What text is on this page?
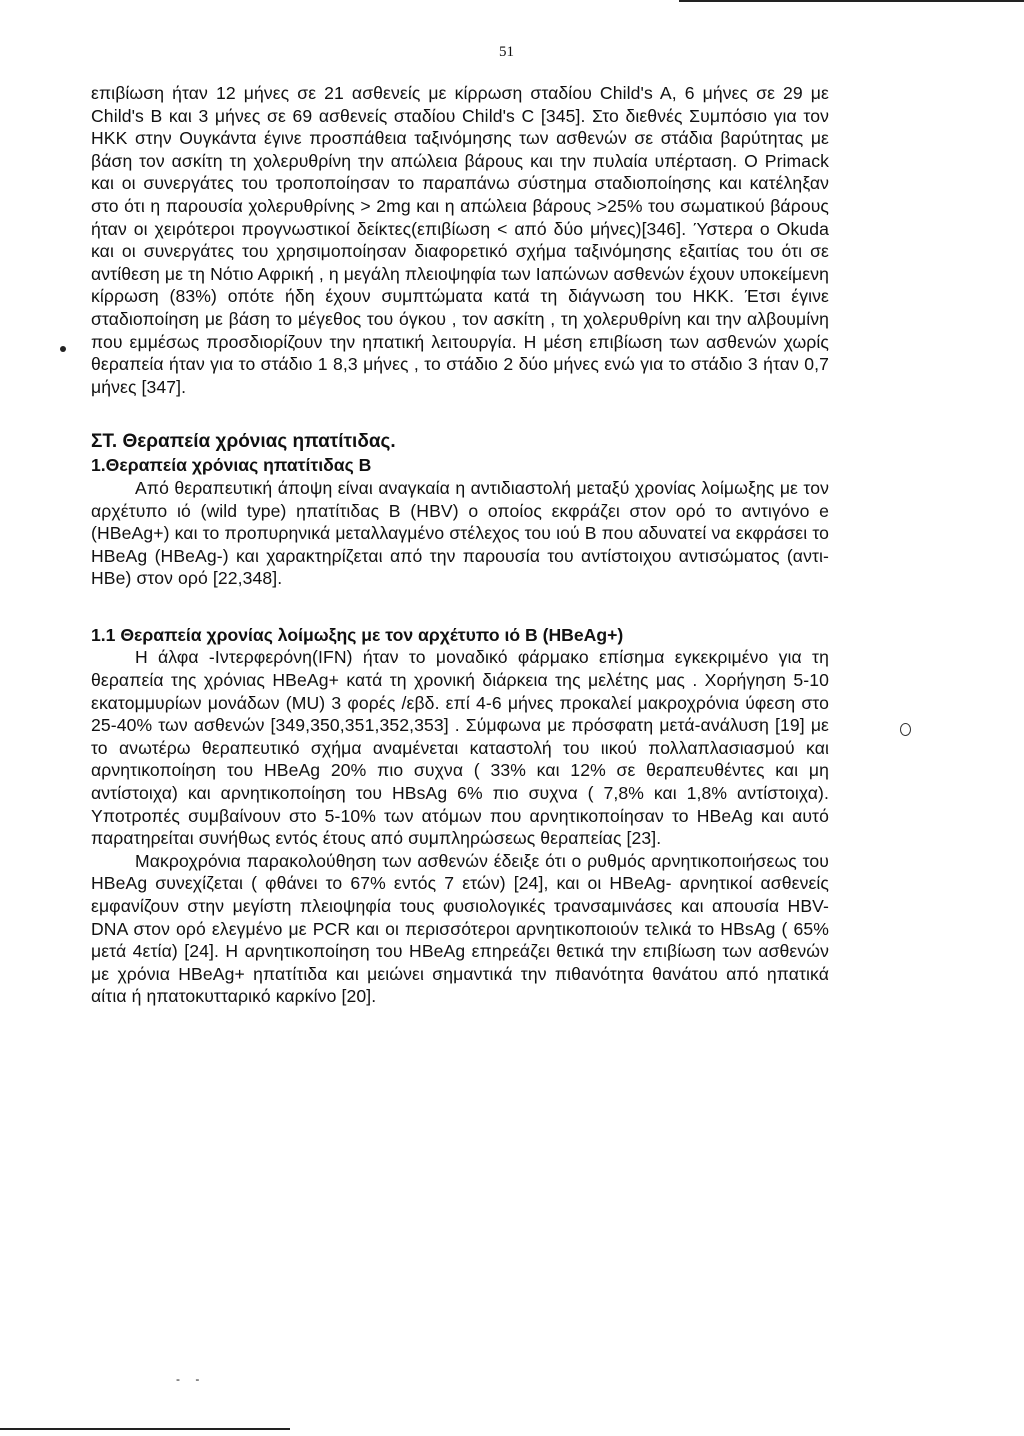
51

επιβίωση ήταν 12 μήνες σε 21 ασθενείς με κίρρωση σταδίου Child's A, 6 μήνες σε 29 με Child's B και 3 μήνες σε 69 ασθενείς σταδίου Child's C [345]. Στο διεθνές Συμπόσιο για τον ΗΚΚ στην Ουγκάντα έγινε προσπάθεια ταξινόμησης των ασθενών σε στάδια βαρύτητας με βάση τον ασκίτη τη χολερυθρίνη την απώλεια βάρους και την πυλαία υπέρταση. Ο Primack και οι συνεργάτες του τροποποίησαν το παραπάνω σύστημα σταδιοποίησης και κατέληξαν στο ότι η παρουσία χολερυθρίνης > 2mg και η απώλεια βάρους >25% του σωματικού βάρους ήταν οι χειρότεροι προγνωστικοί δείκτες(επιβίωση < από δύο μήνες)[346]. Ύστερα ο Okuda και οι συνεργάτες του χρησιμοποίησαν διαφορετικό σχήμα ταξινόμησης εξαιτίας του ότι σε αντίθεση με τη Νότιο Αφρική , η μεγάλη πλειοψηφία των Ιαπώνων ασθενών έχουν υποκείμενη κίρρωση (83%) οπότε ήδη έχουν συμπτώματα κατά τη διάγνωση του ΗΚΚ. Έτσι έγινε σταδιοποίηση με βάση το μέγεθος του όγκου , τον ασκίτη , τη χολερυθρίνη και την αλβουμίνη που εμμέσως προσδιορίζουν την ηπατική λειτουργία. Η μέση επιβίωση των ασθενών χωρίς θεραπεία ήταν για το στάδιο 1 8,3 μήνες , το στάδιο 2 δύο μήνες ενώ για το στάδιο 3 ήταν 0,7 μήνες [347].

ΣΤ. Θεραπεία χρόνιας ηπατίτιδας.
1.Θεραπεία χρόνιας ηπατίτιδας Β

Από θεραπευτική άποψη είναι αναγκαία η αντιδιαστολή μεταξύ χρονίας λοίμωξης με τον αρχέτυπο ιό (wild type) ηπατίτιδας Β (HBV) ο οποίος εκφράζει στον ορό το αντιγόνο e (HBeAg+) και το προπυρηνικά μεταλλαγμένο στέλεχος του ιού Β που αδυνατεί να εκφράσει το HBeAg (HBeAg-) και χαρακτηρίζεται από την παρουσία του αντίστοιχου αντισώματος (αντι-HBe) στον ορό [22,348].

1.1 Θεραπεία χρονίας λοίμωξης με τον αρχέτυπο ιό Β (HBeAg+)

Η άλφα -Ιντερφερόνη(IFN) ήταν το μοναδικό φάρμακο επίσημα εγκεκριμένο για τη θεραπεία της χρόνιας HBeAg+ κατά τη χρονική διάρκεια της μελέτης μας . Χορήγηση 5-10 εκατομμυρίων μονάδων (MU) 3 φορές /εβδ. επί 4-6 μήνες προκαλεί μακροχρόνια ύφεση στο 25-40% των ασθενών [349,350,351,352,353] . Σύμφωνα με πρόσφατη μετά-ανάλυση [19] με το ανωτέρω θεραπευτικό σχήμα αναμένεται καταστολή του ιικού πολλαπλασιασμού και αρνητικοποίηση του HBeAg 20% πιο συχνα ( 33% και 12% σε θεραπευθέντες και μη αντίστοιχα) και αρνητικοποίηση του HBsAg 6% πιο συχνα ( 7,8% και 1,8% αντίστοιχα). Υποτροπές συμβαίνουν στο 5-10% των ατόμων που αρνητικοποίησαν το HBeAg και αυτό παρατηρείται συνήθως εντός έτους από συμπληρώσεως θεραπείας [23].

Μακροχρόνια παρακολούθηση των ασθενών έδειξε ότι ο ρυθμός αρνητικοποιήσεως του HBeAg συνεχίζεται ( φθάνει το 67% εντός 7 ετών) [24], και οι HBeAg- αρνητικοί ασθενείς εμφανίζουν στην μεγίστη πλειοψηφία τους φυσιολογικές τρανσαμινάσες και απουσία HBV-DNA στον ορό ελεγμένο με PCR και οι περισσότεροι αρνητικοποιούν τελικά το HBsAg ( 65% μετά 4ετία) [24]. Η αρνητικοποίηση του HBeAg επηρεάζει θετικά την επιβίωση των ασθενών με χρόνια HBeAg+ ηπατίτιδα και μειώνει σημαντικά την πιθανότητα θανάτου από ηπατικά αίτια ή ηπατοκυτταρικό καρκίνο [20].

- -
